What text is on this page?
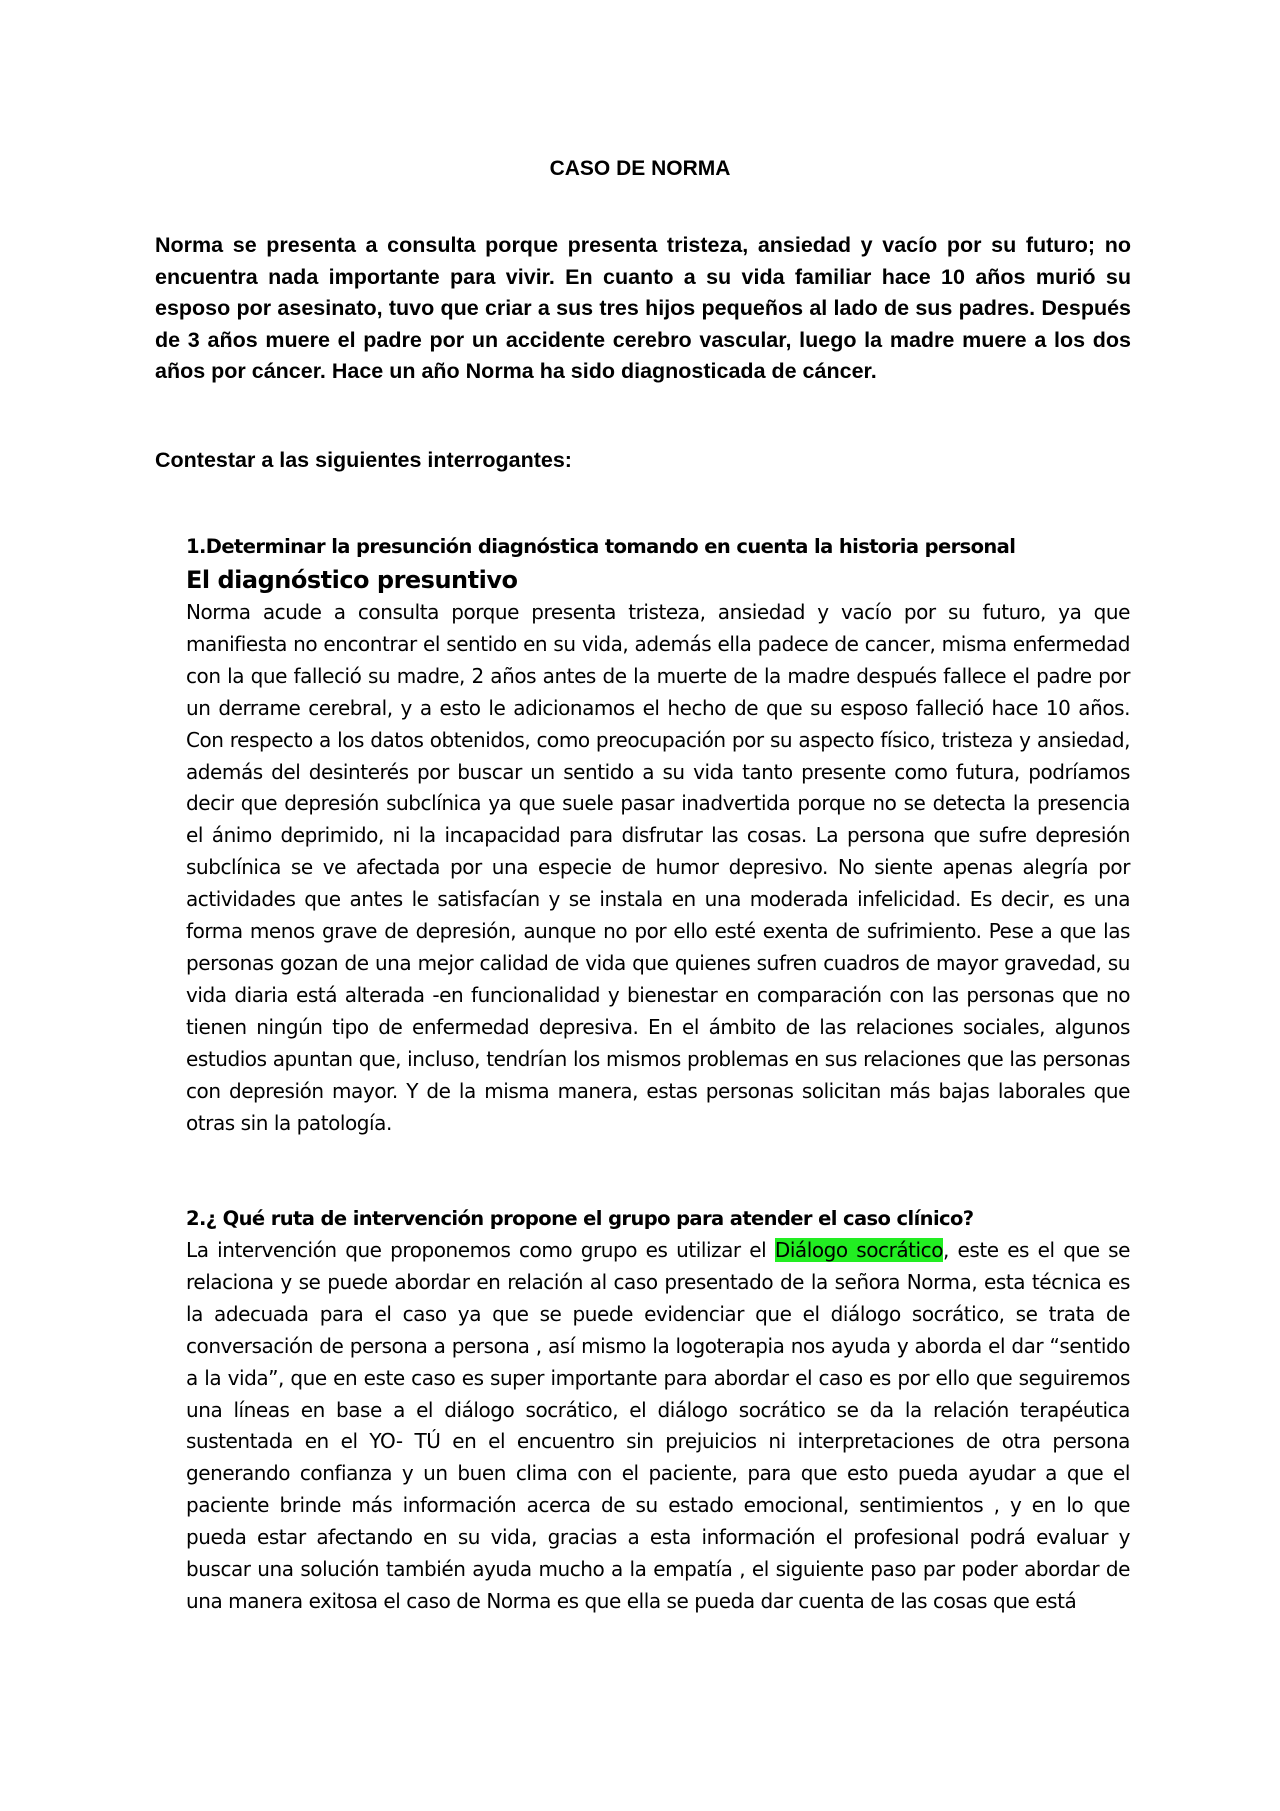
CASO DE NORMA
Norma se presenta a consulta porque presenta tristeza, ansiedad y vacío por su futuro; no encuentra nada importante para vivir. En cuanto a su vida familiar hace 10 años murió su esposo por asesinato, tuvo que criar a sus tres hijos pequeños al lado de sus padres. Después de 3 años muere el padre por un accidente cerebro vascular, luego la madre muere a los dos años por cáncer. Hace un año Norma ha sido diagnosticada de cáncer.
Contestar a las siguientes interrogantes:
1.Determinar la presunción diagnóstica tomando en cuenta la historia personal
El diagnóstico presuntivo
Norma acude a consulta porque presenta tristeza, ansiedad y vacío por su futuro, ya que manifiesta no encontrar el sentido en su vida, además ella padece de cancer, misma enfermedad con la que falleció su madre, 2 años antes de la muerte de la madre después fallece el padre por un derrame cerebral, y a esto le adicionamos el hecho de que su esposo falleció hace 10 años. Con respecto a los datos obtenidos, como preocupación por su aspecto físico, tristeza y ansiedad, además del desinterés por buscar un sentido a su vida tanto presente como futura, podríamos decir que depresión subclínica ya que suele pasar inadvertida porque no se detecta la presencia el ánimo deprimido, ni la incapacidad para disfrutar las cosas. La persona que sufre depresión subclínica se ve afectada por una especie de humor depresivo. No siente apenas alegría por actividades que antes le satisfacían y se instala en una moderada infelicidad. Es decir, es una forma menos grave de depresión, aunque no por ello esté exenta de sufrimiento. Pese a que las personas gozan de una mejor calidad de vida que quienes sufren cuadros de mayor gravedad, su vida diaria está alterada -en funcionalidad y bienestar en comparación con las personas que no tienen ningún tipo de enfermedad depresiva. En el ámbito de las relaciones sociales, algunos estudios apuntan que, incluso, tendrían los mismos problemas en sus relaciones que las personas con depresión mayor. Y de la misma manera, estas personas solicitan más bajas laborales que otras sin la patología.
2.¿ Qué ruta de intervención propone el grupo para atender el caso clínico?
La intervención que proponemos como grupo es utilizar el Diálogo socrático, este es el que se relaciona y se puede abordar en relación al caso presentado de la señora Norma, esta técnica es la adecuada para el caso ya que se puede evidenciar que el diálogo socrático, se trata de conversación de persona a persona , así mismo la logoterapia nos ayuda y aborda el dar “sentido a la vida”, que en este caso es super importante para abordar el caso es por ello que seguiremos una líneas en base a el diálogo socrático, el diálogo socrático se da la relación terapéutica sustentada en el YO- TÚ en el encuentro sin prejuicios ni interpretaciones de otra persona generando confianza y un buen clima con el paciente, para que esto pueda ayudar a que el paciente brinde más información acerca de su estado emocional, sentimientos , y en lo que pueda estar afectando en su vida, gracias a esta información el profesional podrá evaluar y buscar una solución también ayuda mucho a la empatía , el siguiente paso par poder abordar de una manera exitosa el caso de Norma es que ella se pueda dar cuenta de las cosas que está
